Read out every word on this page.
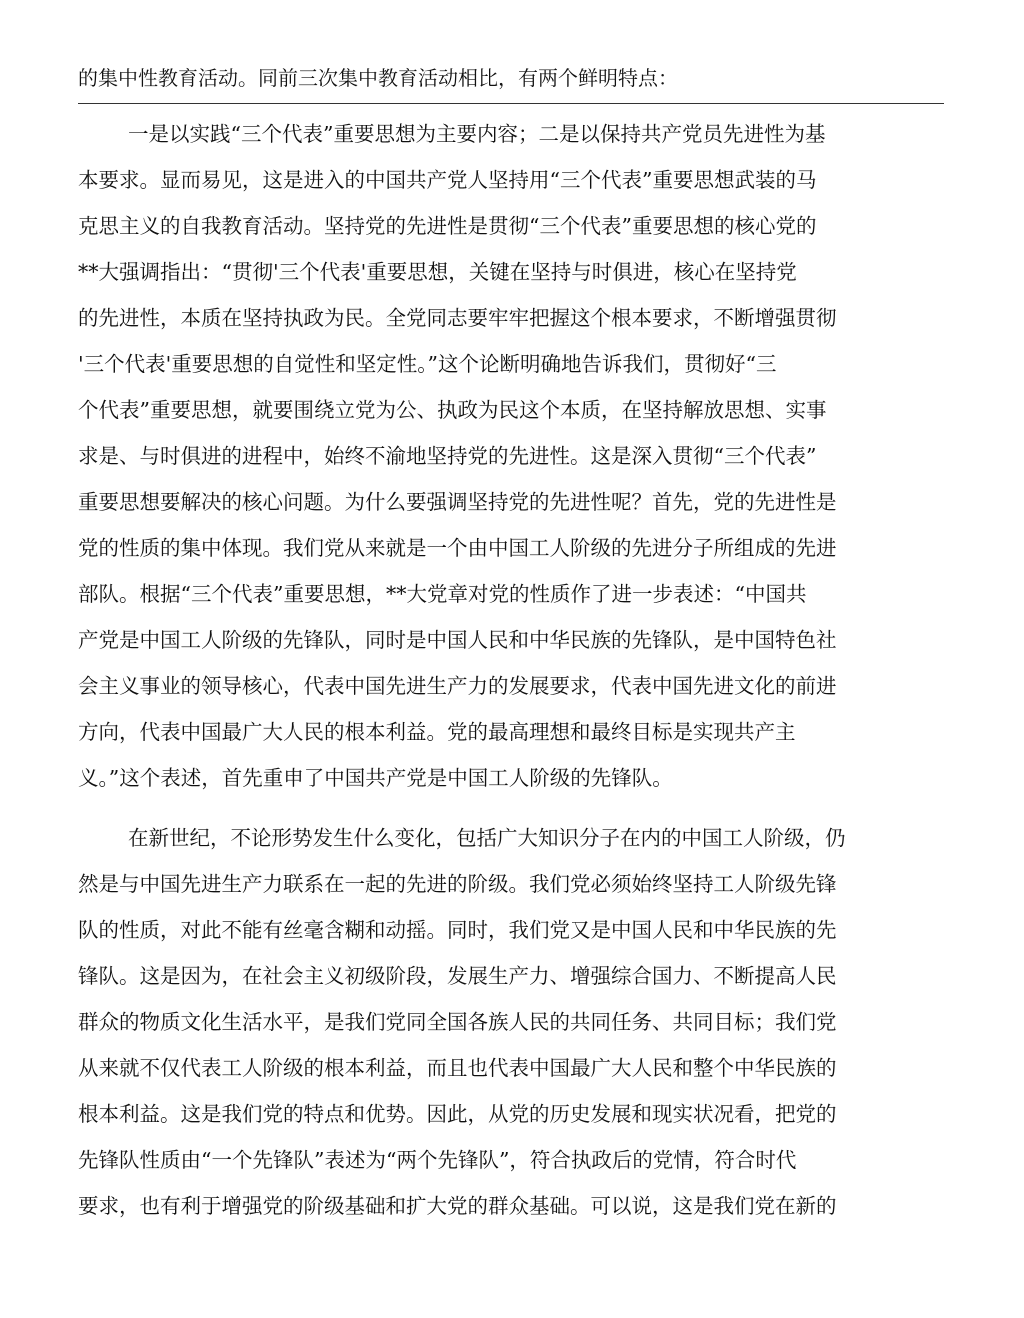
的集中性教育活动。同前三次集中教育活动相比，有两个鲜明特点：
一是以实践“三个代表”重要思想为主要内容；二是以保持共产党员先进性为基
本要求。显而易见，这是进入的中国共产党人坚持用“三个代表”重要思想武装的马
克思主义的自我教育活动。坚持党的先进性是贯彻“三个代表”重要思想的核心党的
**大强调指出：“贯彻'三个代表'重要思想，关键在坚持与时俱进，核心在坚持党
的先进性，本质在坚持执政为民。全党同志要牢牢把握这个根本要求，不断增强贯彻
'三个代表'重要思想的自觉性和坚定性。”这个论断明确地告诉我们，贯彻好“三
个代表”重要思想，就要围绕立党为公、执政为民这个本质，在坚持解放思想、实事
求是、与时俱进的进程中，始终不渝地坚持党的先进性。这是深入贯彻“三个代表”
重要思想要解决的核心问题。为什么要强调坚持党的先进性呢？首先，党的先进性是
党的性质的集中体现。我们党从来就是一个由中国工人阶级的先进分子所组成的先进
部队。根据“三个代表”重要思想，**大党章对党的性质作了进一步表述：“中国共
产党是中国工人阶级的先锋队，同时是中国人民和中华民族的先锋队，是中国特色社
会主义事业的领导核心，代表中国先进生产力的发展要求，代表中国先进文化的前进
方向，代表中国最广大人民的根本利益。党的最高理想和最终目标是实现共产主
义。”这个表述，首先重申了中国共产党是中国工人阶级的先锋队。
在新世纪，不论形势发生什么变化，包括广大知识分子在内的中国工人阶级，仍
然是与中国先进生产力联系在一起的先进的阶级。我们党必须始终坚持工人阶级先锋
队的性质，对此不能有丝毫含糊和动摇。同时，我们党又是中国人民和中华民族的先
锋队。这是因为，在社会主义初级阶段，发展生产力、增强综合国力、不断提高人民
群众的物质文化生活水平，是我们党同全国各族人民的共同任务、共同目标；我们党
从来就不仅代表工人阶级的根本利益，而且也代表中国最广大人民和整个中华民族的
根本利益。这是我们党的特点和优势。因此，从党的历史发展和现实状况看，把党的
先锋队性质由“一个先锋队”表述为“两个先锋队”，符合执政后的党情，符合时代
要求，也有利于增强党的阶级基础和扩大党的群众基础。可以说，这是我们党在新的
